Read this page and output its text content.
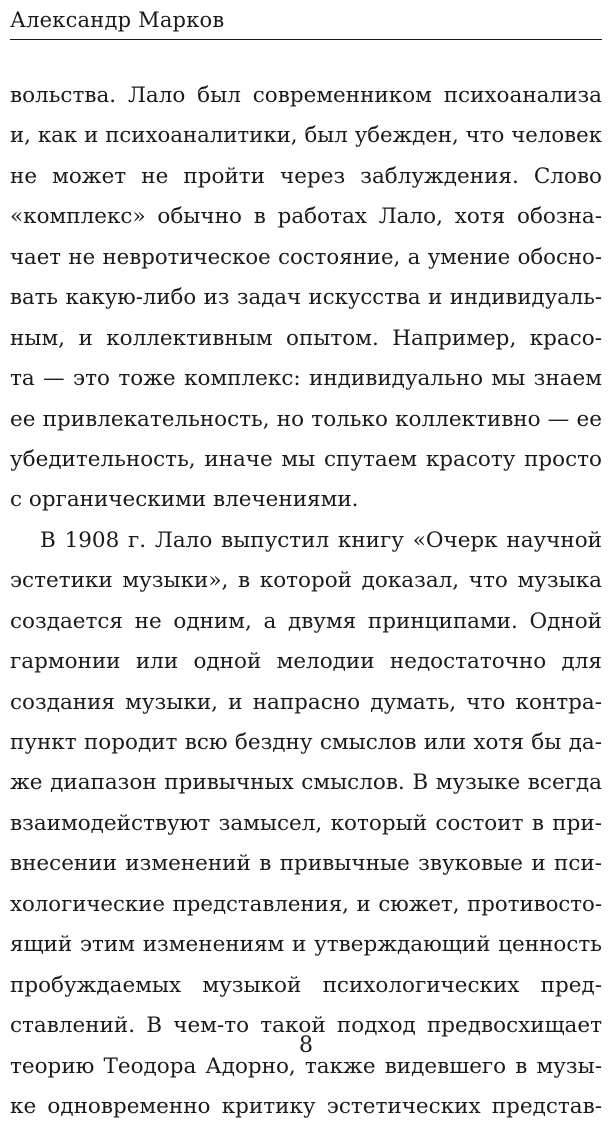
Александр Марков
вольства. Лало был современником психоанализа
и, как и психоаналитики, был убежден, что человек
не может не пройти через заблуждения. Слово
«комплекс» обычно в работах Лало, хотя обозна-
чает не невротическое состояние, а умение обосно-
вать какую-либо из задач искусства и индивидуаль-
ным, и коллективным опытом. Например, красо-
та — это тоже комплекс: индивидуально мы знаем
ее привлекательность, но только коллективно — ее
убедительность, иначе мы спутаем красоту просто
с органическими влечениями.
В 1908 г. Лало выпустил книгу «Очерк научной
эстетики музыки», в которой доказал, что музыка
создается не одним, а двумя принципами. Одной
гармонии или одной мелодии недостаточно для
создания музыки, и напрасно думать, что контра-
пункт породит всю бездну смыслов или хотя бы да-
же диапазон привычных смыслов. В музыке всегда
взаимодействуют замысел, который состоит в при-
внесении изменений в привычные звуковые и пси-
хологические представления, и сюжет, противосто-
ящий этим изменениям и утверждающий ценность
пробуждаемых музыкой психологических пред-
ставлений. В чем-то такой подход предвосхищает
теорию Теодора Адорно, также видевшего в музы-
ке одновременно критику эстетических представ-
8
